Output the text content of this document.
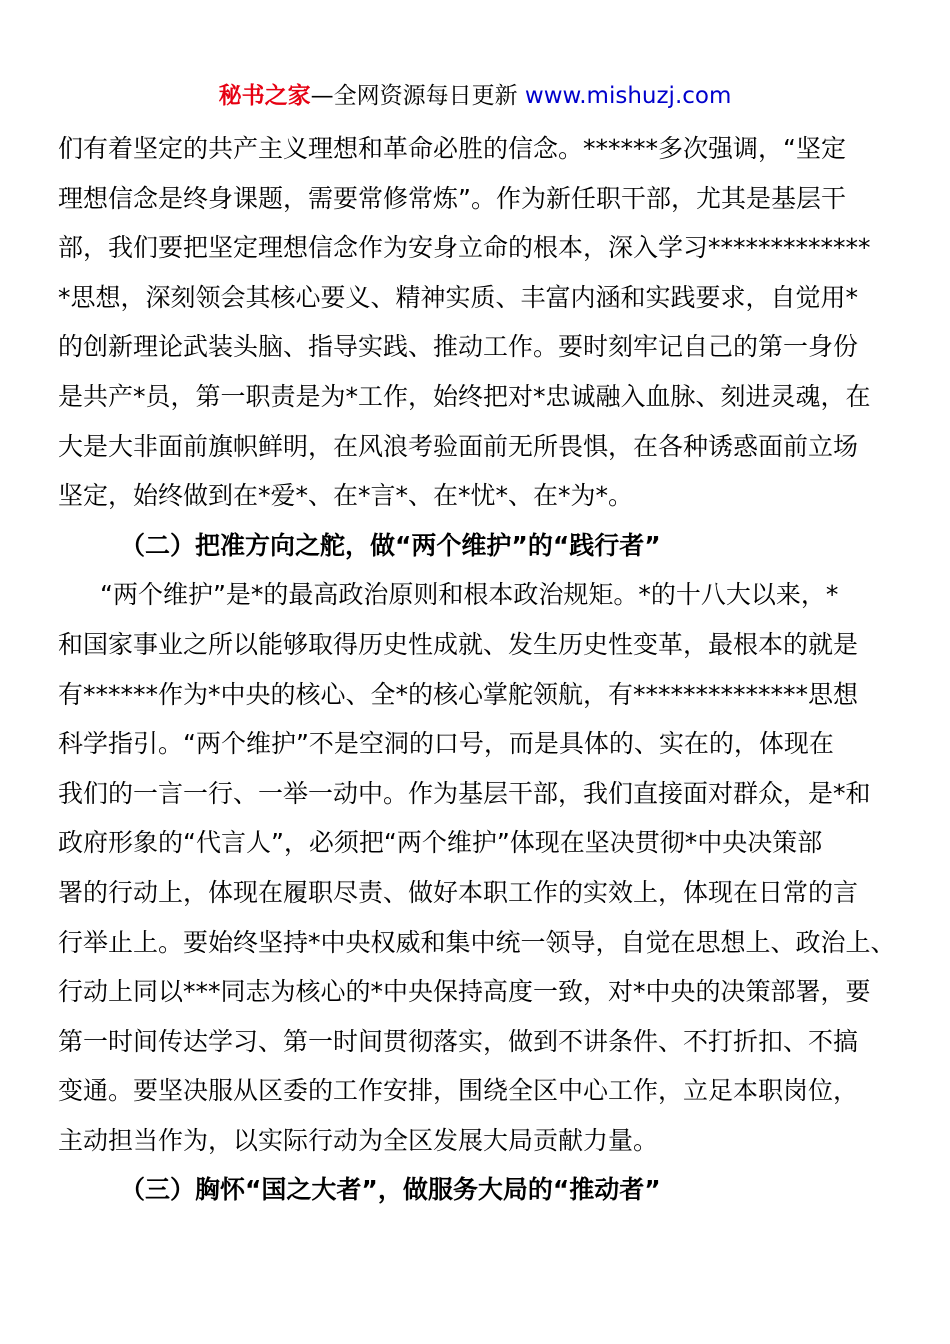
秘书之家—全网资源每日更新 www.mishuzj.com
们有着坚定的共产主义理想和革命必胜的信念。******多次强调，“坚定
理想信念是终身课题，需要常修常炼”。作为新任职干部，尤其是基层干
部，我们要把坚定理想信念作为安身立命的根本，深入学习*************
*思想，深刻领会其核心要义、精神实质、丰富内涵和实践要求，自觉用*
的创新理论武装头脑、指导实践、推动工作。要时刻牢记自己的第一身份
是共产*员，第一职责是为*工作，始终把对*忠诚融入血脉、刻进灵魂，在
大是大非面前旗帜鲜明，在风浪考验面前无所畏惧，在各种诱惑面前立场
坚定，始终做到在*爱*、在*言*、在*忧*、在*为*。
（二）把准方向之舵，做“两个维护”的“践行者”
“两个维护”是*的最高政治原则和根本政治规矩。*的十八大以来，*
和国家事业之所以能够取得历史性成就、发生历史性变革，最根本的就是
有******作为*中央的核心、全*的核心掌舵领航，有**************思想
科学指引。“两个维护”不是空洞的口号，而是具体的、实在的，体现在
我们的一言一行、一举一动中。作为基层干部，我们直接面对群众，是*和
政府形象的“代言人”，必须把“两个维护”体现在坚决贯彻*中央决策部
署的行动上，体现在履职尽责、做好本职工作的实效上，体现在日常的言
行举止上。要始终坚持*中央权威和集中统一领导，自觉在思想上、政治上、
行动上同以***同志为核心的*中央保持高度一致，对*中央的决策部署，要
第一时间传达学习、第一时间贯彻落实，做到不讲条件、不打折扣、不搞
变通。要坚决服从区委的工作安排，围绕全区中心工作，立足本职岗位，
主动担当作为，以实际行动为全区发展大局贡献力量。
（三）胸怀“国之大者”，做服务大局的“推动者”
